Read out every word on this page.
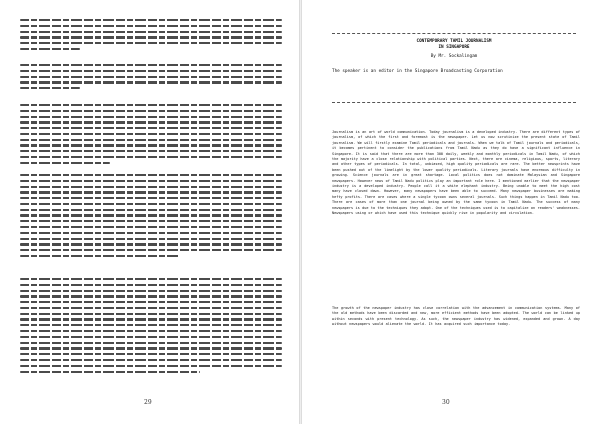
29
CONTEMPORARY TAMIL JOURNALISM
IN SINGAPORE
By Mr. Sockalingam
The speaker is an editor in the Singapore Broadcasting Corporation
Journalism is an art of world communication. Today journalism is a developed industry. There are different types of journalism, of which the first and foremost is the newspaper. Let us now scrutinize the present state of Tamil journalism. We will firstly examine Tamil periodicals and journals. When we talk of Tamil journals and periodicals, it becomes pertinent to consider the publications from Tamil Nadu as they do have a significant influence in Singapore. It is said that there are more than 300 daily, weekly and monthly periodicals in Tamil Nadu, of which the majority have a close relationship with political parties. Next, there are cinema, religious, sports, literary and other types of periodicals. In total, unbiased, high quality periodicals are rare. The better newsprints have been pushed out of the limelight by the lower quality periodicals. Literary journals have enormous difficulty in growing. Science journals are in great shortage. Local politics does not dominate Malaysian and Singapore newspapers. However news of Tamil Nadu politics play an important role here. I mentioned earlier that the newspaper industry is a developed industry. People call it a white elephant industry. Being unable to meet the high cost many have closed down. However, many newspapers have been able to succeed. Many newspaper businesses are making hefty profits. There are cases where a single tycoon owns several journals. Such things happen in Tamil Nadu too. There are cases of more than one journal being owned by the same tycoon in Tamil Nadu. The success of many newspapers is due to the techniques they adopt. One of the techniques used is to capitalize on readers' weaknesses. Newspapers using or which have used this technique quickly rise in popularity and circulation.
The growth of the newspaper industry has close correlation with the advancement in communication systems. Many of the old methods have been discarded and new, more efficient methods have been adopted. The world can be linked up within seconds with present technology. As such, the newspaper industry has widened, expanded and grown. A day without newspapers would alienate the world. It has acquired such importance today.
30
